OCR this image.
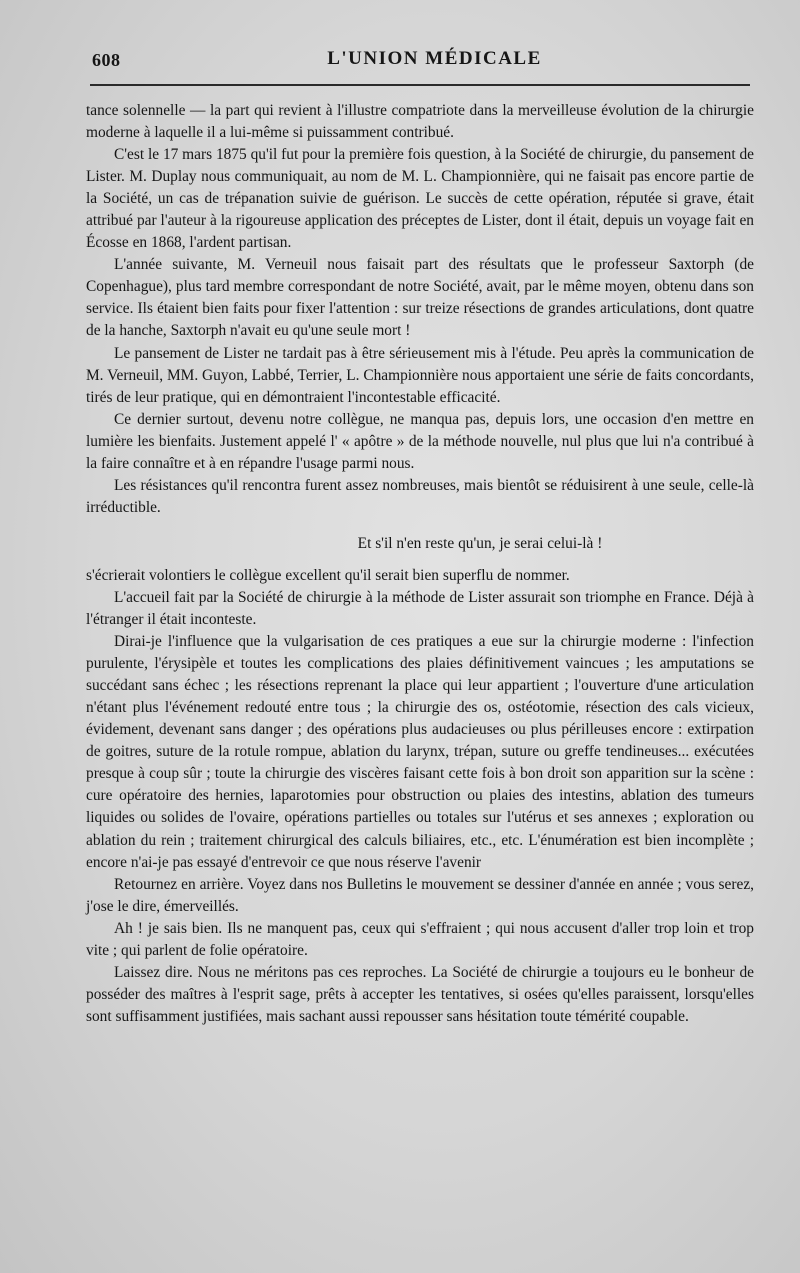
608	L'UNION MÉDICALE

tance solennelle — la part qui revient à l'illustre compatriote dans la merveilleuse évolution de la chirurgie moderne à laquelle il a lui-même si puissamment contribué.

C'est le 17 mars 1875 qu'il fut pour la première fois question, à la Société de chirurgie, du pansement de Lister. M. Duplay nous communiquait, au nom de M. L. Championnière, qui ne faisait pas encore partie de la Société, un cas de trépanation suivie de guérison. Le succès de cette opération, réputée si grave, était attribué par l'auteur à la rigoureuse application des préceptes de Lister, dont il était, depuis un voyage fait en Écosse en 1868, l'ardent partisan.

L'année suivante, M. Verneuil nous faisait part des résultats que le professeur Saxtorph (de Copenhague), plus tard membre correspondant de notre Société, avait, par le même moyen, obtenu dans son service. Ils étaient bien faits pour fixer l'attention : sur treize résections de grandes articulations, dont quatre de la hanche, Saxtorph n'avait eu qu'une seule mort !

Le pansement de Lister ne tardait pas à être sérieusement mis à l'étude. Peu après la communication de M. Verneuil, MM. Guyon, Labbé, Terrier, L. Championnière nous apportaient une série de faits concordants, tirés de leur pratique, qui en démontraient l'incontestable efficacité.

Ce dernier surtout, devenu notre collègue, ne manqua pas, depuis lors, une occasion d'en mettre en lumière les bienfaits. Justement appelé l' « apôtre » de la méthode nouvelle, nul plus que lui n'a contribué à la faire connaître et à en répandre l'usage parmi nous.

Les résistances qu'il rencontra furent assez nombreuses, mais bientôt se réduisirent à une seule, celle-là irréductible.

Et s'il n'en reste qu'un, je serai celui-là !

s'écrierait volontiers le collègue excellent qu'il serait bien superflu de nommer.

L'accueil fait par la Société de chirurgie à la méthode de Lister assurait son triomphe en France. Déjà à l'étranger il était inconteste.

Dirai-je l'influence que la vulgarisation de ces pratiques a eue sur la chirurgie moderne : l'infection purulente, l'érysipèle et toutes les complications des plaies définitivement vaincues ; les amputations se succédant sans échec ; les résections reprenant la place qui leur appartient ; l'ouverture d'une articulation n'étant plus l'événement redouté entre tous ; la chirurgie des os, ostéotomie, résection des cals vicieux, évidement, devenant sans danger ; des opérations plus audacieuses ou plus périlleuses encore : extirpation de goitres, suture de la rotule rompue, ablation du larynx, trépan, suture ou greffe tendineuses... exécutées presque à coup sûr ; toute la chirurgie des viscères faisant cette fois à bon droit son apparition sur la scène : cure opératoire des hernies, laparotomies pour obstruction ou plaies des intestins, ablation des tumeurs liquides ou solides de l'ovaire, opérations partielles ou totales sur l'utérus et ses annexes ; exploration ou ablation du rein ; traitement chirurgical des calculs biliaires, etc., etc. L'énumération est bien incomplète ; encore n'ai-je pas essayé d'entrevoir ce que nous réserve l'avenir

Retournez en arrière. Voyez dans nos Bulletins le mouvement se dessiner d'année en année ; vous serez, j'ose le dire, émerveillés.

Ah ! je sais bien. Ils ne manquent pas, ceux qui s'effraient ; qui nous accusent d'aller trop loin et trop vite ; qui parlent de folie opératoire.

Laissez dire. Nous ne méritons pas ces reproches. La Société de chirurgie a toujours eu le bonheur de posséder des maîtres à l'esprit sage, prêts à accepter les tentatives, si osées qu'elles paraissent, lorsqu'elles sont suffisamment justifiées, mais sachant aussi repousser sans hésitation toute témérité coupable.
